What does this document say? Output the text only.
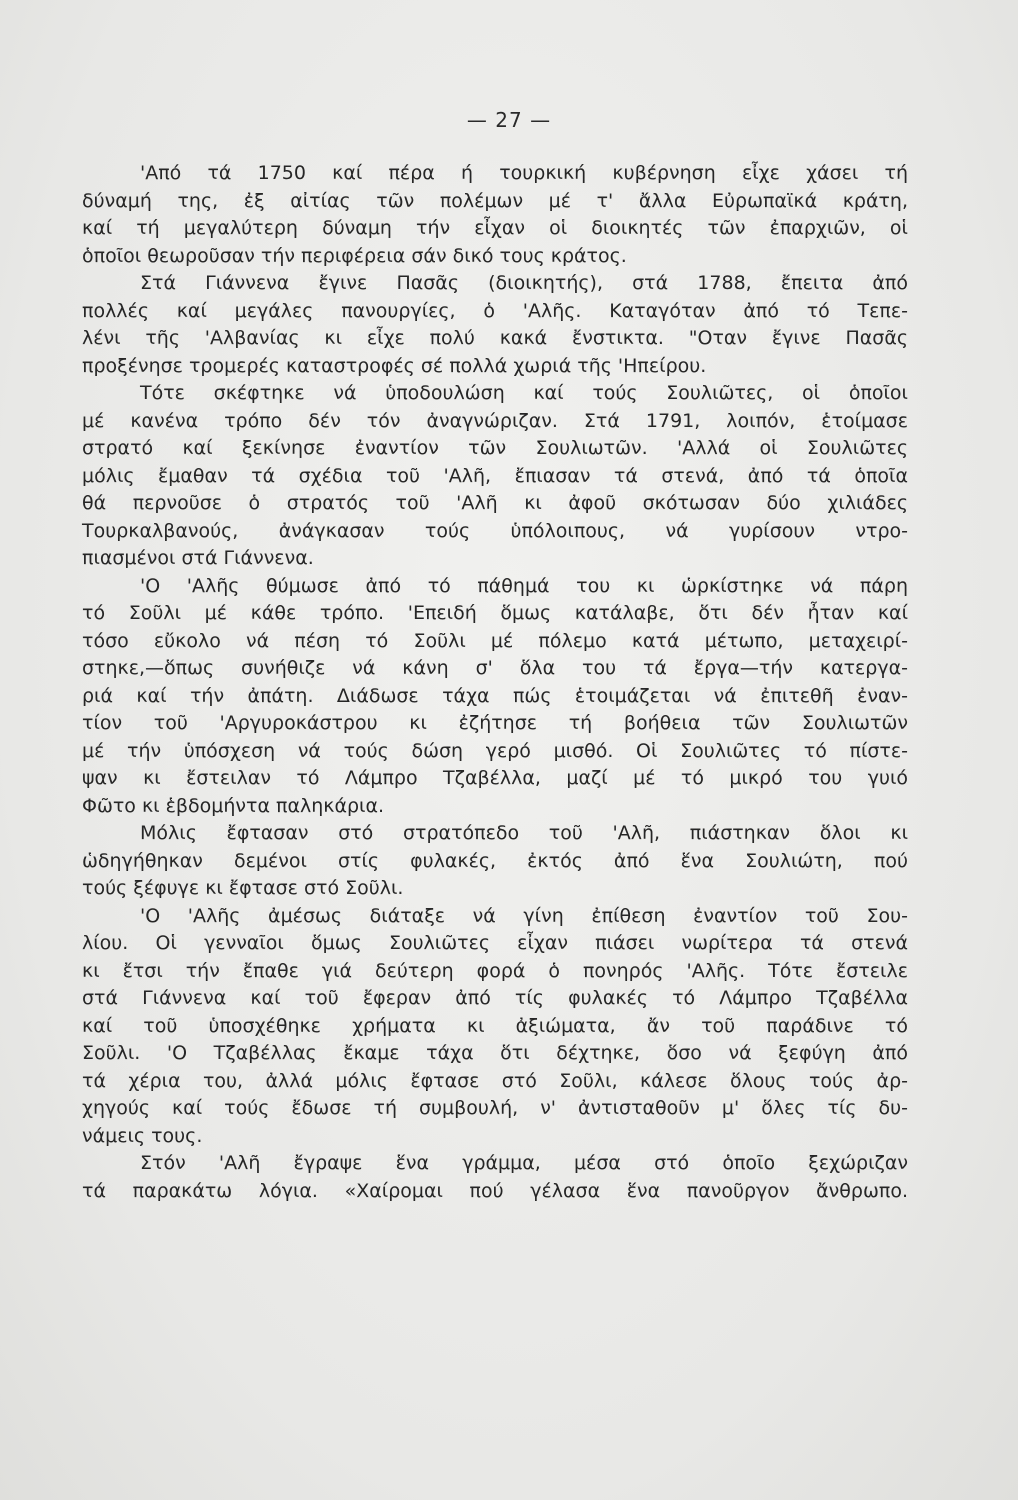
— 27 —
'Από τά 1750 καί πέρα ή τουρκική κυβέρνηση εἶχε χάσει τή
δύναμή της, ἐξ αἰτίας τῶν πολέμων μέ τ' ἄλλα Εὐρωπαϊκά κράτη,
καί τή μεγαλύτερη δύναμη τήν εἶχαν οἱ διοικητές τῶν ἐπαρχιῶν, οἱ
ὁποῖοι θεωροῦσαν τήν περιφέρεια σάν δικό τους κράτος.
Στά Γιάννενα ἔγινε Πασᾶς (διοικητής), στά 1788, ἔπειτα ἀπό
πολλές καί μεγάλες πανουργίες, ὁ 'Αλῆς. Καταγόταν ἀπό τό Τεπε-
λένι τῆς 'Αλβανίας κι εἶχε πολύ κακά ἔνστικτα. "Οταν ἔγινε Πασᾶς
προξένησε τρομερές καταστροφές σέ πολλά χωριά τῆς 'Ηπείρου.
Τότε σκέφτηκε νά ὑποδουλώση καί τούς Σουλιῶτες, οἱ ὁποῖοι
μέ κανένα τρόπο δέν τόν ἀναγνώριζαν. Στά 1791, λοιπόν, ἑτοίμασε
στρατό καί ξεκίνησε ἐναντίον τῶν Σουλιωτῶν. 'Αλλά οἱ Σουλιῶτες
μόλις ἔμαθαν τά σχέδια τοῦ 'Αλῆ, ἔπιασαν τά στενά, ἀπό τά ὁποῖα
θά περνοῦσε ὁ στρατός τοῦ 'Αλῆ κι ἀφοῦ σκότωσαν δύο χιλιάδες
Τουρκαλβανούς, ἀνάγκασαν τούς ὑπόλοιπους, νά γυρίσουν ντρο-
πιασμένοι στά Γιάννενα.
'Ο 'Αλῆς θύμωσε ἀπό τό πάθημά του κι ὡρκίστηκε νά πάρη
τό Σοῦλι μέ κάθε τρόπο. 'Επειδή ὅμως κατάλαβε, ὅτι δέν ἦταν καί
τόσο εὔκολο νά πέση τό Σοῦλι μέ πόλεμο κατά μέτωπο, μεταχειρί-
στηκε,—ὅπως συνήθιζε νά κάνη σ' ὅλα του τά ἔργα—τήν κατεργα-
ριά καί τήν ἀπάτη. Διάδωσε τάχα πώς ἑτοιμάζεται νά ἐπιτεθῆ ἐναν-
τίον τοῦ 'Αργυροκάστρου κι ἐζήτησε τή βοήθεια τῶν Σουλιωτῶν
μέ τήν ὑπόσχεση νά τούς δώση γερό μισθό. Οἱ Σουλιῶτες τό πίστε-
ψαν κι ἔστειλαν τό Λάμπρο Τζαβέλλα, μαζί μέ τό μικρό του γυιό
Φῶτο κι ἑβδομήντα παληκάρια.
Μόλις ἔφτασαν στό στρατόπεδο τοῦ 'Αλῆ, πιάστηκαν ὅλοι κι
ὡδηγήθηκαν δεμένοι στίς φυλακές, ἐκτός ἀπό ἕνα Σουλιώτη, πού
τούς ξέφυγε κι ἔφτασε στό Σοῦλι.
'Ο 'Αλῆς ἀμέσως διάταξε νά γίνη ἐπίθεση ἐναντίον τοῦ Σου-
λίου. Οἱ γενναῖοι ὅμως Σουλιῶτες εἶχαν πιάσει νωρίτερα τά στενά
κι ἔτσι τήν ἔπαθε γιά δεύτερη φορά ὁ πονηρός 'Αλῆς. Τότε ἔστειλε
στά Γιάννενα καί τοῦ ἔφεραν ἀπό τίς φυλακές τό Λάμπρο Τζαβέλλα
καί τοῦ ὑποσχέθηκε χρήματα κι ἀξιώματα, ἄν τοῦ παράδινε τό
Σοῦλι. 'Ο Τζαβέλλας ἔκαμε τάχα ὅτι δέχτηκε, ὅσο νά ξεφύγη ἀπό
τά χέρια του, ἀλλά μόλις ἔφτασε στό Σοῦλι, κάλεσε ὅλους τούς ἀρ-
χηγούς καί τούς ἔδωσε τή συμβουλή, ν' ἀντισταθοῦν μ' ὅλες τίς δυ-
νάμεις τους.
Στόν 'Αλῆ ἔγραψε ἕνα γράμμα, μέσα στό ὁποῖο ξεχώριζαν
τά παρακάτω λόγια. «Χαίρομαι πού γέλασα ἕνα πανοῦργον ἄνθρωπο.
